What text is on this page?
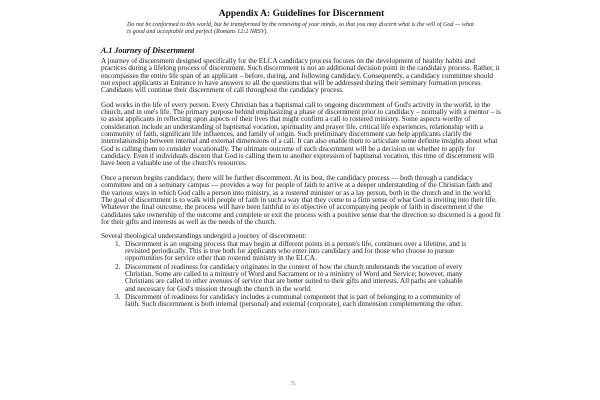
Appendix A: Guidelines for Discernment

Do not be conformed to this world, but be transformed by the renewing of your minds, so that you may discern what is the will of God — what is good and acceptable and perfect (Romans 12:2 NRSV).

A.1 Journey of Discernment

A journey of discernment designed specifically for the ELCA candidacy process focuses on the development of healthy habits and practices during a lifelong process of discernment. Such discernment is not an additional decision point in the candidacy process. Rather, it encompasses the entire life span of an applicant – before, during, and following candidacy. Consequently, a candidacy committee should not expect applicants at Entrance to have answers to all the questions that will be addressed during their seminary formation process. Candidates will continue their discernment of call throughout the candidacy process.

God works in the life of every person. Every Christian has a baptismal call to ongoing discernment of God's activity in the world, in the church, and in one's life. The primary purpose behind emphasizing a phase of discernment prior to candidacy – normally with a mentor – is to assist applicants in reflecting upon aspects of their lives that might confirm a call to rostered ministry. Some aspects worthy of consideration include an understanding of baptismal vocation, spirituality and prayer life, critical life experiences, relationship with a community of faith, significant life influences, and family of origin. Such preliminary discernment can help applicants clarify the interrelationship between internal and external dimensions of a call. It can also enable them to articulate some definite insights about what God is calling them to consider vocationally. The ultimate outcome of such discernment will be a decision on whether to apply for candidacy. Even if individuals discern that God is calling them to another expression of baptismal vocation, this time of discernment will have been a valuable use of the church's resources.

Once a person begins candidacy, there will be further discernment. At its best, the candidacy process — both through a candidacy committee and on a seminary campus — provides a way for people of faith to arrive at a deeper understanding of the Christian faith and the various ways in which God calls a person into ministry, as a rostered minister or as a lay person, both in the church and in the world. The goal of discernment is to walk with people of faith in such a way that they come to a firm sense of what God is inviting into their life. Whatever the final outcome, the process will have been faithful to its objective of accompanying people of faith in discernment if the candidates take ownership of the outcome and complete or exit the process with a positive sense that the direction so discerned is a good fit for their gifts and interests as well as the needs of the church.

Several theological understandings undergird a journey of discernment:

1. Discernment is an ongoing process that may begin at different points in a person's life, continues over a lifetime, and is revisited periodically. This is true both for applicants who enter into candidacy and for those who choose to pursue opportunities for service other than rostered ministry in the ELCA.
2. Discernment of readiness for candidacy originates in the context of how the church understands the vocation of every Christian. Some are called to a ministry of Word and Sacrament or to a ministry of Word and Service; however, many Christians are called to other avenues of service that are better suited to their gifts and interests. All paths are valuable and necessary for God's mission through the church in the world.
3. Discernment of readiness for candidacy includes a communal component that is part of belonging to a community of faith. Such discernment is both internal (personal) and external (corporate), each dimension complementing the other.
75
